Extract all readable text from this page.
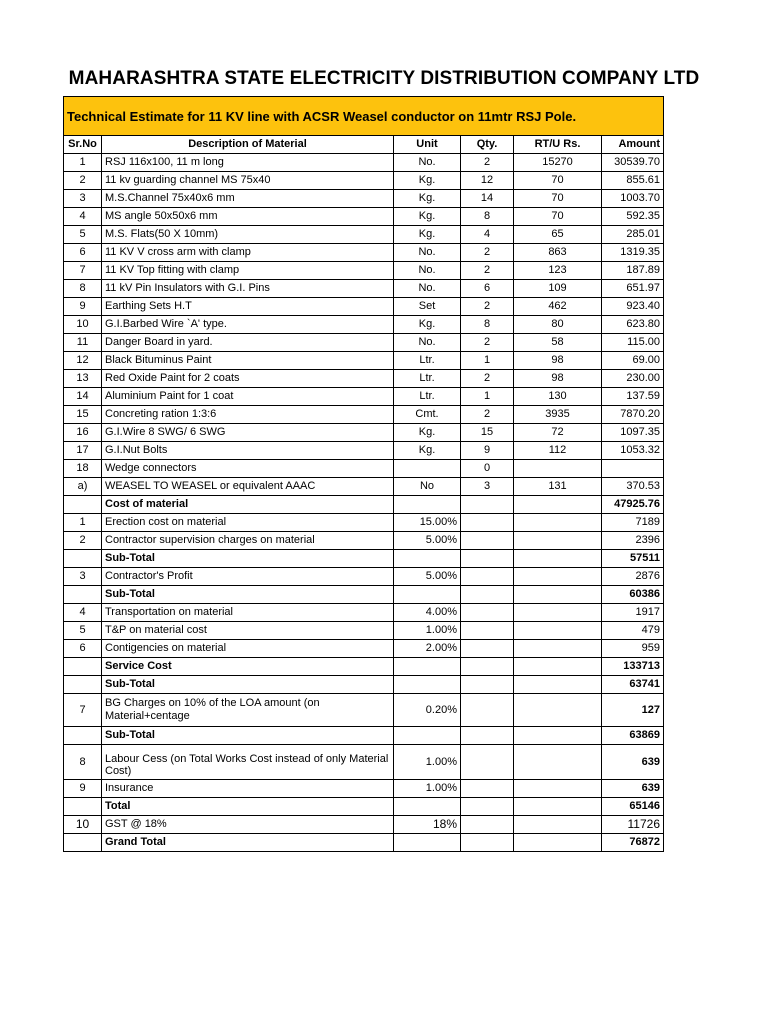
MAHARASHTRA STATE ELECTRICITY DISTRIBUTION COMPANY LTD
Technical Estimate for 11 KV line with ACSR Weasel conductor on 11mtr RSJ Pole.					
Sr.No	Description of Material	Unit	Qty.	RT/U Rs.	Amount
1	RSJ 116x100, 11 m long	No.	2	15270	30539.70
2	11 kv guarding channel MS 75x40	Kg.	12	70	855.61
3	M.S.Channel 75x40x6 mm	Kg.	14	70	1003.70
4	MS angle 50x50x6 mm	Kg.	8	70	592.35
5	M.S. Flats(50 X 10mm)	Kg.	4	65	285.01
6	11 KV V cross arm with clamp	No.	2	863	1319.35
7	11 KV Top fitting with clamp	No.	2	123	187.89
8	11 kV Pin Insulators with G.I. Pins	No.	6	109	651.97
9	Earthing Sets H.T	Set	2	462	923.40
10	G.I.Barbed Wire `A' type.	Kg.	8	80	623.80
11	Danger Board in yard.	No.	2	58	115.00
12	Black Bituminus Paint	Ltr.	1	98	69.00
13	Red Oxide Paint for 2 coats	Ltr.	2	98	230.00
14	Aluminium Paint for 1 coat	Ltr.	1	130	137.59
15	Concreting ration 1:3:6	Cmt.	2	3935	7870.20
16	G.I.Wire 8 SWG/ 6 SWG	Kg.	15	72	1097.35
17	G.I.Nut Bolts	Kg.	9	112	1053.32
18	Wedge connectors		0		
a)	WEASEL TO WEASEL or equivalent AAAC	No	3	131	370.53
	Cost of material				47925.76
1	Erection cost on material	15.00%			7189
2	Contractor supervision charges on material	5.00%			2396
	Sub-Total				57511
3	Contractor's Profit	5.00%			2876
	Sub-Total				60386
4	Transportation on material	4.00%			1917
5	T&P on material cost	1.00%			479
6	Contigencies on material	2.00%			959
	Service Cost				133713
	Sub-Total				63741
7	BG Charges on 10% of the LOA amount (on Material+centage	0.20%			127
	Sub-Total				63869
8	Labour Cess (on Total Works Cost instead of only Material Cost)	1.00%			639
9	Insurance	1.00%			639
	Total				65146
10	GST @ 18%	18%			11726
	Grand Total				76872
